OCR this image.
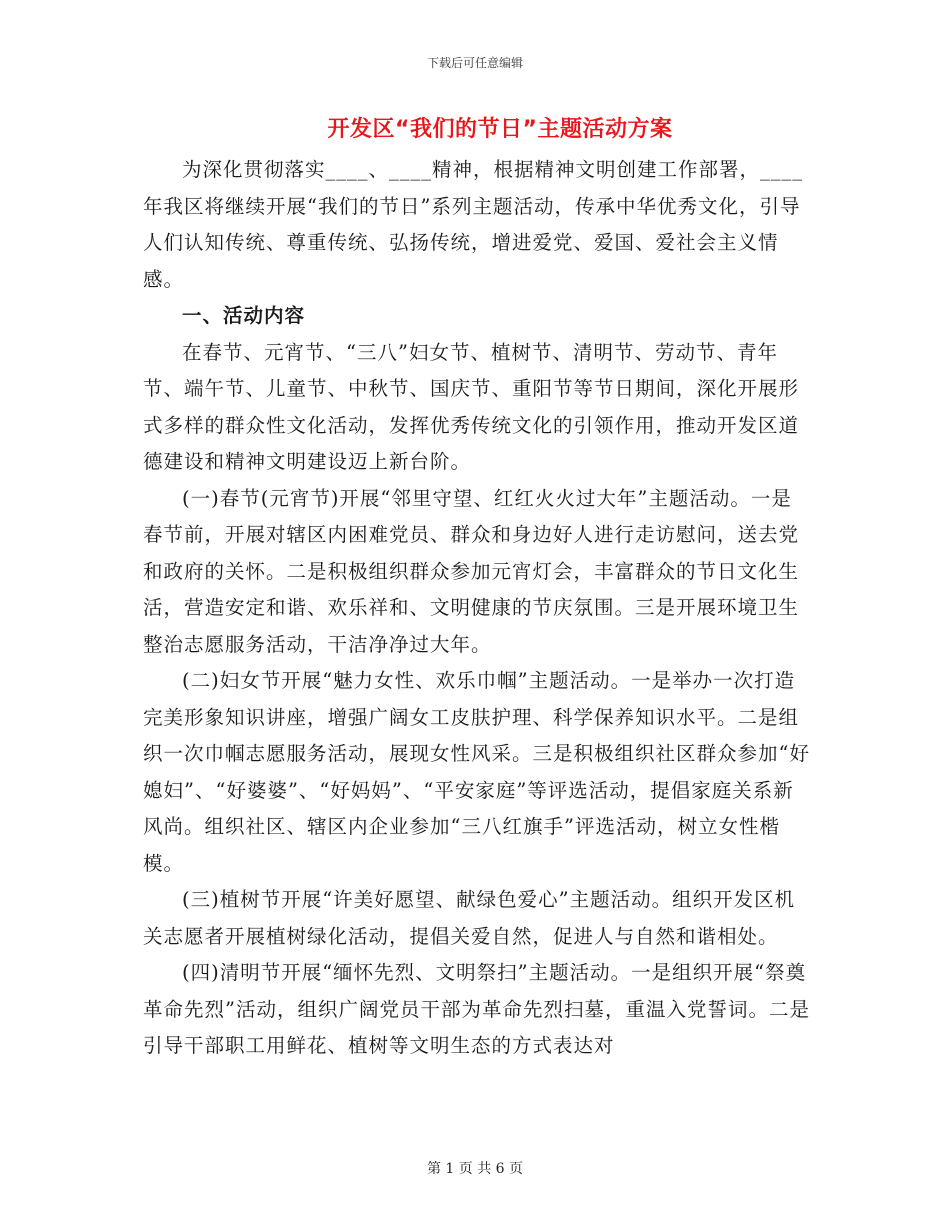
下载后可任意编辑
开发区“我们的节日”主题活动方案

为深化贯彻落实____、____精神，根据精神文明创建工作部署，____年我区将继续开展“我们的节日”系列主题活动，传承中华优秀文化，引导人们认知传统、尊重传统、弘扬传统，增进爱党、爱国、爱社会主义情感。

一、活动内容

在春节、元宵节、“三八”妇女节、植树节、清明节、劳动节、青年节、端午节、儿童节、中秋节、国庆节、重阳节等节日期间，深化开展形式多样的群众性文化活动，发挥优秀传统文化的引领作用，推动开发区道德建设和精神文明建设迈上新台阶。

(一)春节(元宵节)开展“邻里守望、红红火火过大年”主题活动。一是春节前，开展对辖区内困难党员、群众和身边好人进行走访慰问，送去党和政府的关怀。二是积极组织群众参加元宵灯会，丰富群众的节日文化生活，营造安定和谐、欢乐祥和、文明健康的节庆氛围。三是开展环境卫生整治志愿服务活动，干洁净净过大年。

(二)妇女节开展“魅力女性、欢乐巾帼”主题活动。一是举办一次打造完美形象知识讲座，增强广阔女工皮肤护理、科学保养知识水平。二是组织一次巾帼志愿服务活动，展现女性风采。三是积极组织社区群众参加“好媳妇”、“好婆婆”、“好妈妈”、“平安家庭”等评选活动，提倡家庭关系新风尚。组织社区、辖区内企业参加“三八红旗手”评选活动，树立女性楷模。

(三)植树节开展“许美好愿望、献绿色爱心”主题活动。组织开发区机关志愿者开展植树绿化活动，提倡关爱自然，促进人与自然和谐相处。

(四)清明节开展“缅怀先烈、文明祭扫”主题活动。一是组织开展“祭奠革命先烈”活动，组织广阔党员干部为革命先烈扫墓，重温入党誓词。二是引导干部职工用鲜花、植树等文明生态的方式表达对

第 1 页 共 6 页
